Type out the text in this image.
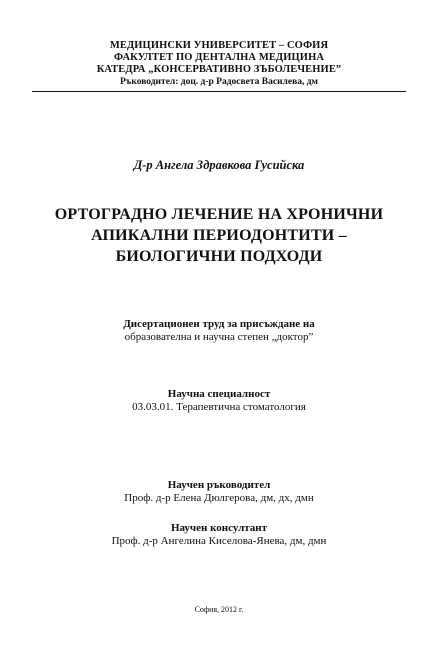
МЕДИЦИНСКИ УНИВЕРСИТЕТ – СОФИЯ
ФАКУЛТЕТ ПО ДЕНТАЛНА МЕДИЦИНА
КАТЕДРА „КОНСЕРВАТИВНО ЗЪБОЛЕЧЕНИЕ”
Ръководител: доц. д-р Радосвета Василева, дм
Д-р Ангела Здравкова Гусийска
ОРТОГРАДНО ЛЕЧЕНИЕ НА ХРОНИЧНИ
АПИКАЛНИ ПЕРИОДОНТИТИ –
БИОЛОГИЧНИ ПОДХОДИ
Дисертационен труд за присъждане на
образователна и научна степен „доктор”
Научна специалност
03.03.01. Терапевтична стоматология
Научен ръководител
Проф. д-р Елена Дюлгерова, дм, дх, дмн
Научен консултант
Проф. д-р Ангелина Киселова-Янева, дм, дмн
София, 2012 г.
